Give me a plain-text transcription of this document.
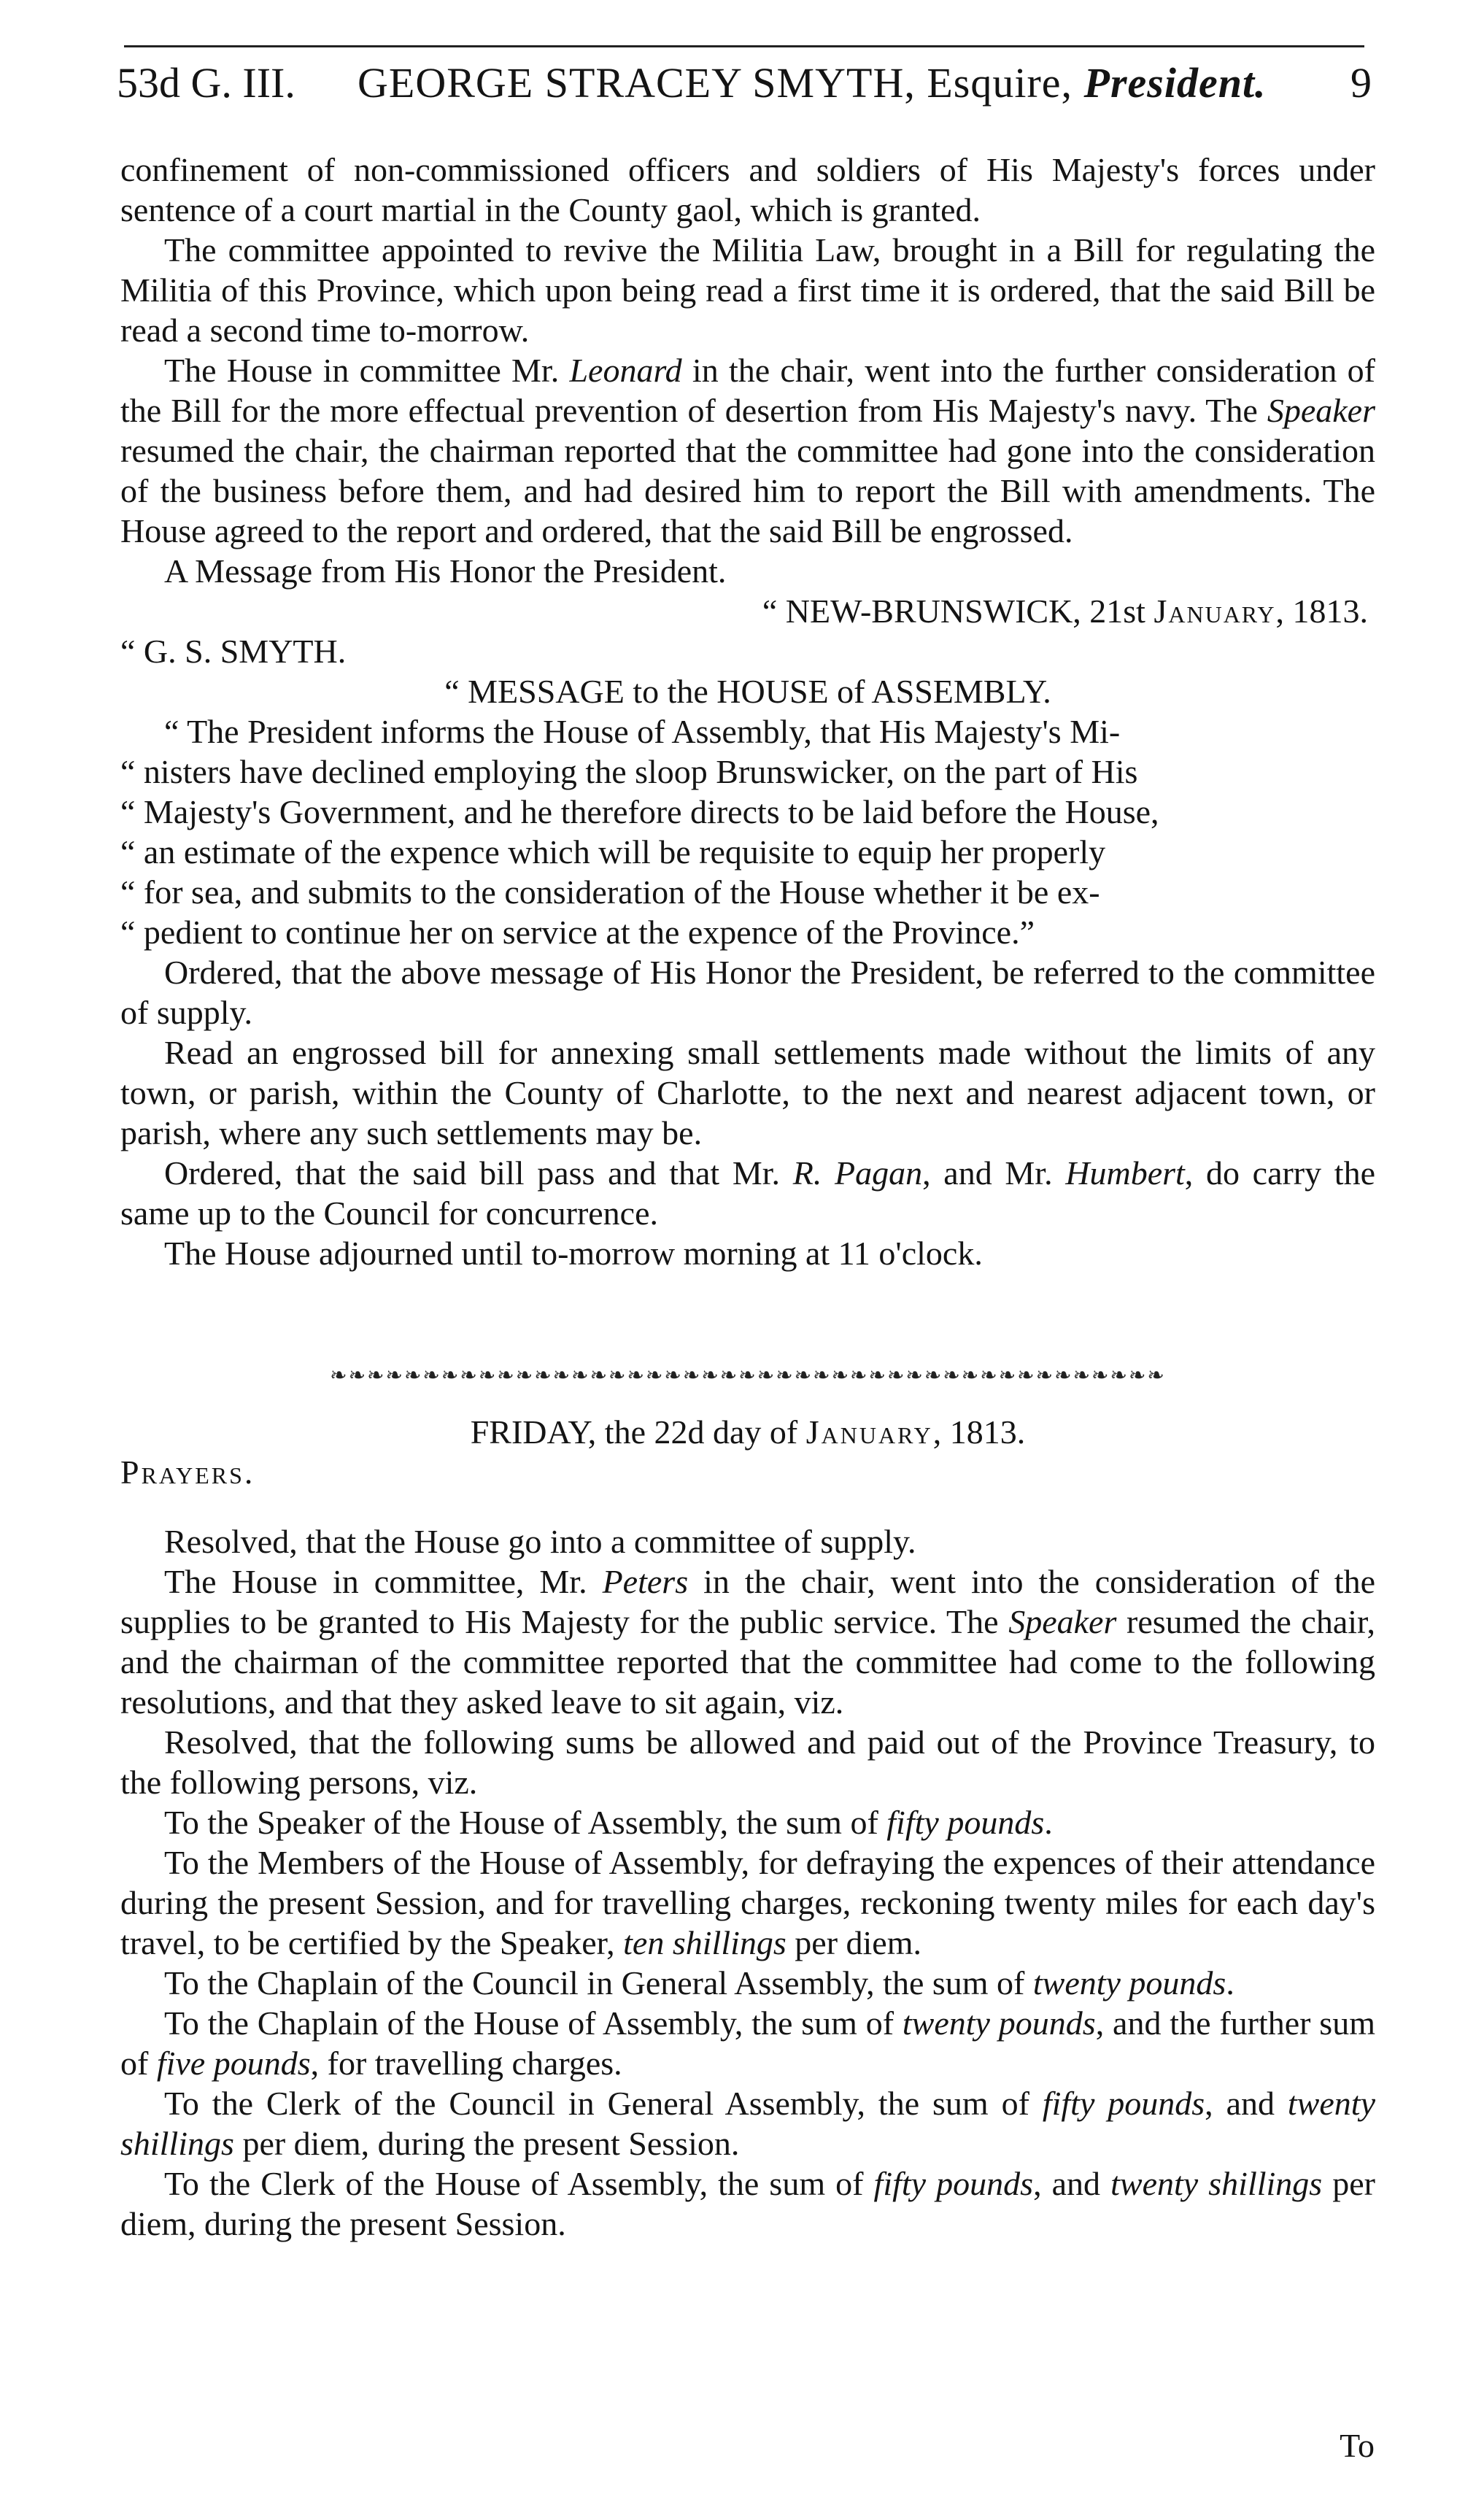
53d G. III. GEORGE STRACEY SMYTH, Esquire, President. 9

confinement of non-commissioned officers and soldiers of His Majesty's forces under sentence of a court martial in the County gaol, which is granted.

The committee appointed to revive the Militia Law, brought in a Bill for regulating the Militia of this Province, which upon being read a first time it is ordered, that the said Bill be read a second time to-morrow.

The House in committee Mr. Leonard in the chair, went into the further consideration of the Bill for the more effectual prevention of desertion from His Majesty's navy. The Speaker resumed the chair, the chairman reported that the committee had gone into the consideration of the business before them, and had desired him to report the Bill with amendments. The House agreed to the report and ordered, that the said Bill be engrossed.

A Message from His Honor the President.

“ NEW-BRUNSWICK, 21st January, 1813.

“ G. S. SMYTH.

“ MESSAGE to the HOUSE of ASSEMBLY.

“ The President informs the House of Assembly, that His Majesty's Mi-

“ nisters have declined employing the sloop Brunswicker, on the part of His

“ Majesty's Government, and he therefore directs to be laid before the House,

“ an estimate of the expence which will be requisite to equip her properly

“ for sea, and submits to the consideration of the House whether it be ex-

“ pedient to continue her on service at the expence of the Province.”

Ordered, that the above message of His Honor the President, be referred to the committee of supply.

Read an engrossed bill for annexing small settlements made without the limits of any town, or parish, within the County of Charlotte, to the next and nearest adjacent town, or parish, where any such settlements may be.

Ordered, that the said bill pass and that Mr. R. Pagan, and Mr. Humbert, do carry the same up to the Council for concurrence.

The House adjourned until to-morrow morning at 11 o'clock.

❧❧❧❧❧❧❧❧❧❧❧❧❧❧❧❧❧❧❧❧❧❧❧❧❧❧❧❧❧❧❧❧❧❧❧❧❧❧❧❧❧❧❧❧❧

FRIDAY, the 22d day of January, 1813.

Prayers.

Resolved, that the House go into a committee of supply.

The House in committee, Mr. Peters in the chair, went into the consideration of the supplies to be granted to His Majesty for the public service. The Speaker resumed the chair, and the chairman of the committee reported that the committee had come to the following resolutions, and that they asked leave to sit again, viz.

Resolved, that the following sums be allowed and paid out of the Province Treasury, to the following persons, viz.

To the Speaker of the House of Assembly, the sum of fifty pounds.

To the Members of the House of Assembly, for defraying the expences of their attendance during the present Session, and for travelling charges, reckoning twenty miles for each day's travel, to be certified by the Speaker, ten shillings per diem.

To the Chaplain of the Council in General Assembly, the sum of twenty pounds.

To the Chaplain of the House of Assembly, the sum of twenty pounds, and the further sum of five pounds, for travelling charges.

To the Clerk of the Council in General Assembly, the sum of fifty pounds, and twenty shillings per diem, during the present Session.

To the Clerk of the House of Assembly, the sum of fifty pounds, and twenty shillings per diem, during the present Session.

To
